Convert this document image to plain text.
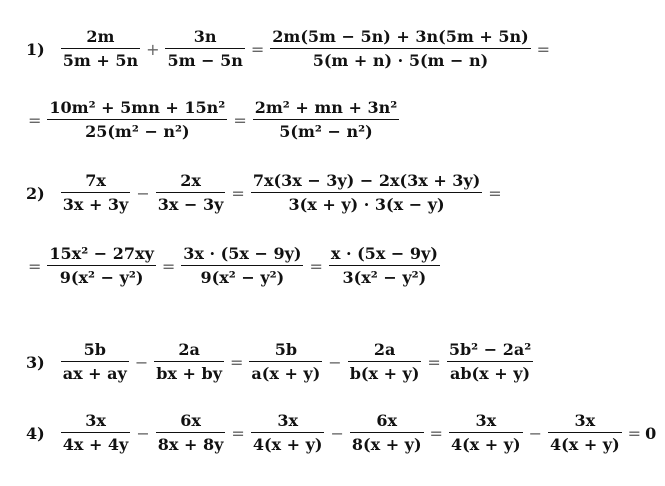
$1) \frac{2m}{5m + 5n} + \frac{3n}{5m - 5n} = \frac{2m(5m - 5n) + 3n(5m + 5n)}{5(m + n) \cdot 5(m - n)}$ =
= $\frac{\text{10m² + 5mn + 15n²}}{\text{25(m² − n²)}} = \frac{\text{2m² + mn + 3n²}}{\text{5(m² − n²)}}$
$2) \frac{7x}{3x + 3y} - \frac{2x}{3x - 3y} = \frac{7x(3x - 3y) - 2x(3x + 3y)}{3(x + y) \cdot 3(x - y)}$ =
= $\frac{\text{15x² − 27xy}}{\text{9(x² − y²)}} = \frac{3x \cdot (5x - 9y)}{\text{9(x² − y²)}} = \frac{x \cdot (5x - 9y)}{\text{3(x² − y²)}}$
$3) \frac{5b}{ax + ay} - \frac{2a}{bx + by} = \frac{5b}{a(x + y)} - \frac{2a}{b(x + y)} = \frac{\text{5b² − 2a²}}{ab(x + y)}$
$4) \frac{3x}{4x + 4y} - \frac{6x}{8x + 8y} = \frac{3x}{4(x + y)} - \frac{6x}{8(x + y)} = \frac{3x}{4(x + y)} - \frac{3x}{4(x + y)} = 0$
